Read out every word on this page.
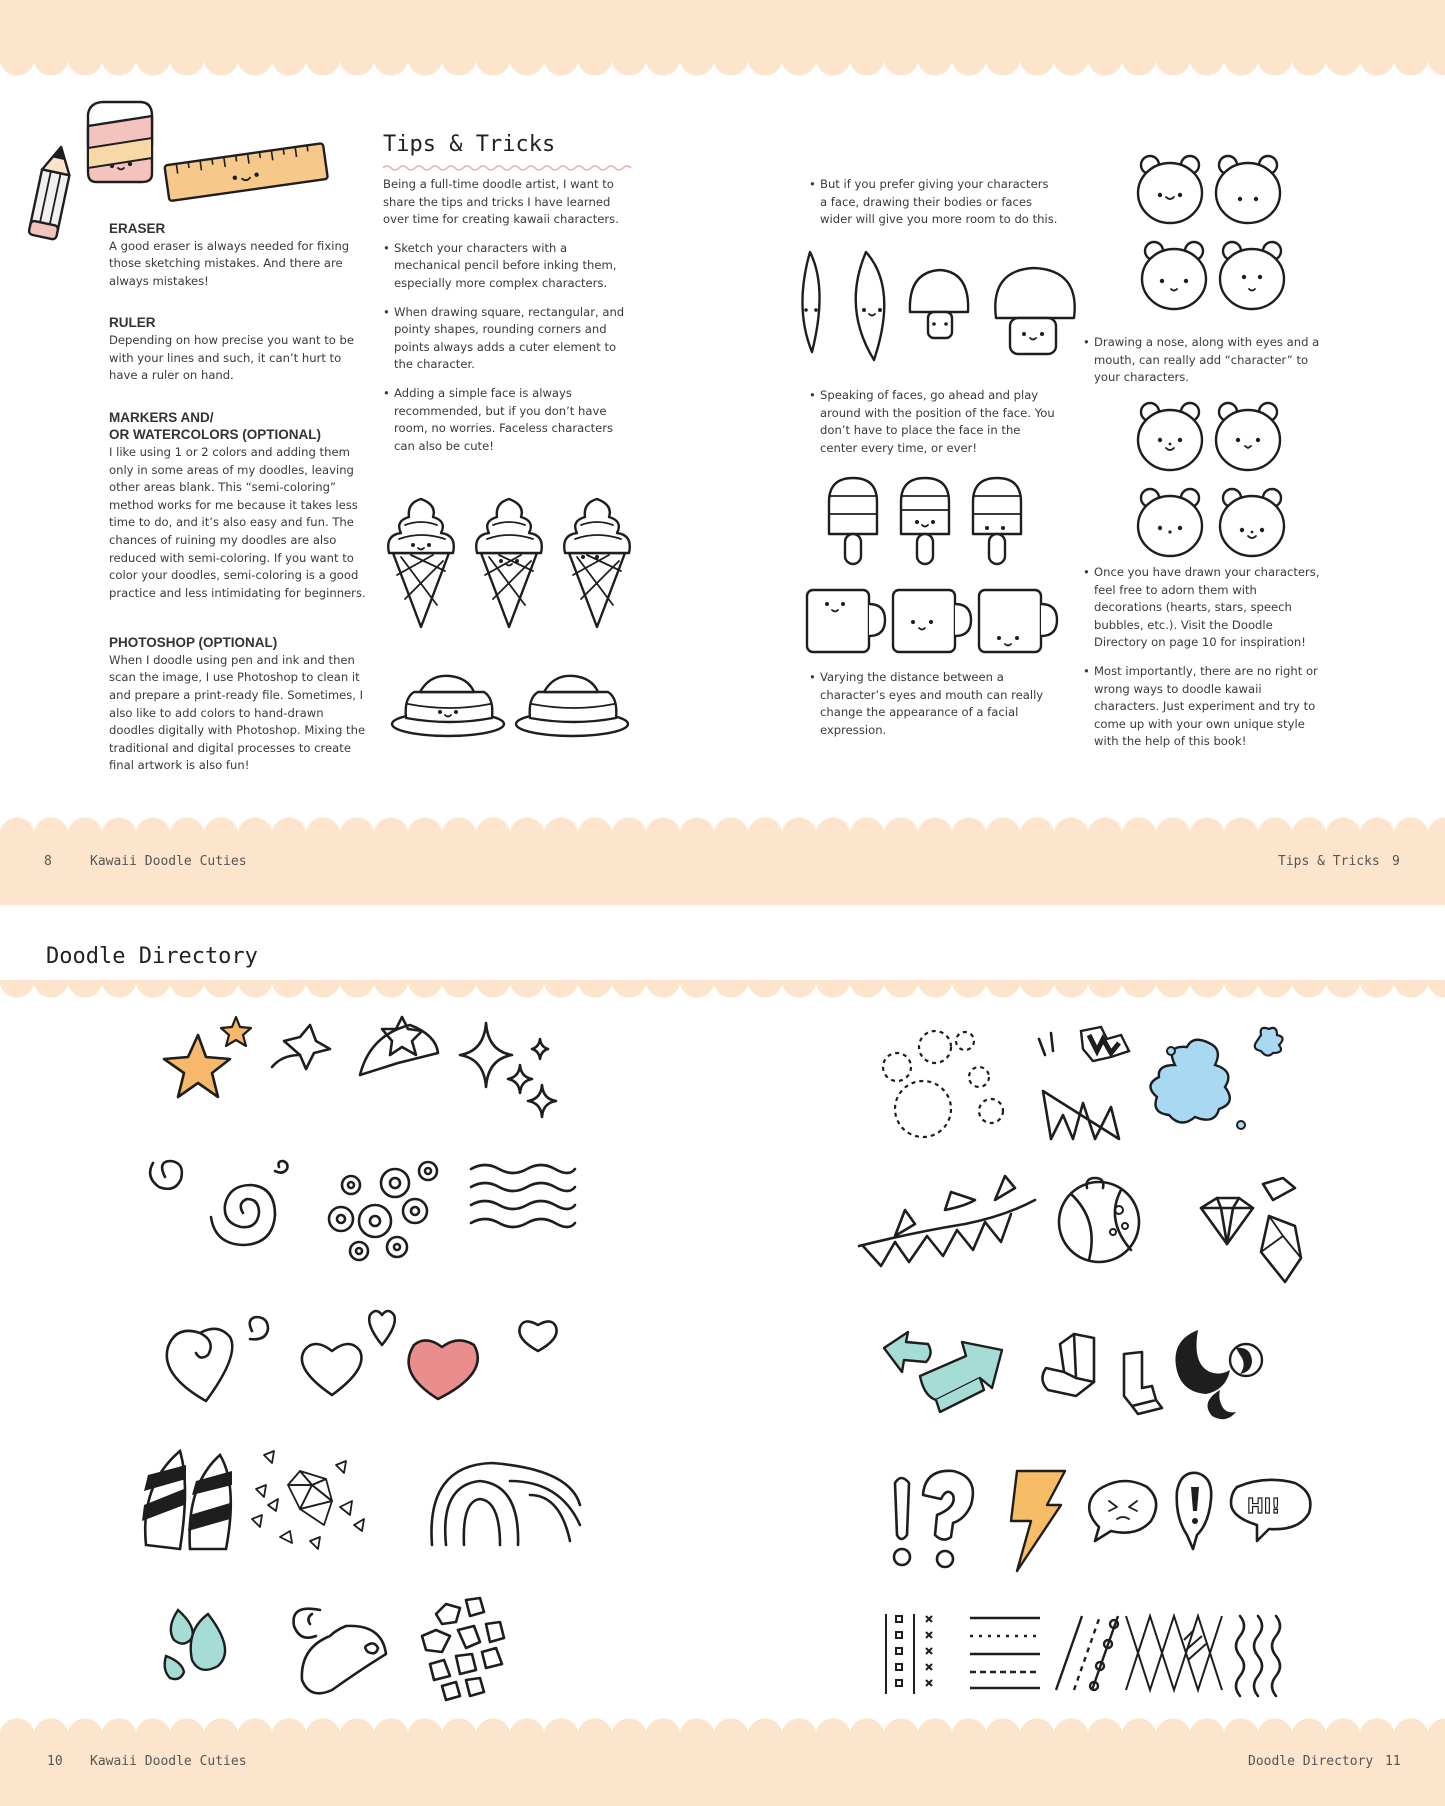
ERASER

A good eraser is always needed for fixing those sketching mistakes. And there are always mistakes!

RULER

Depending on how precise you want to be with your lines and such, it can’t hurt to have a ruler on hand.

MARKERS AND/
OR WATERCOLORS (OPTIONAL)

I like using 1 or 2 colors and adding them only in some areas of my doodles, leaving other areas blank. This “semi-coloring” method works for me because it takes less time to do, and it’s also easy and fun. The chances of ruining my doodles are also reduced with semi-coloring. If you want to color your doodles, semi-coloring is a good practice and less intimidating for beginners.

PHOTOSHOP (OPTIONAL)

When I doodle using pen and ink and then scan the image, I use Photoshop to clean it and prepare a print-ready file. Sometimes, I also like to add colors to hand-drawn doodles digitally with Photoshop. Mixing the traditional and digital processes to create final artwork is also fun!

Tips & Tricks

Being a full-time doodle artist, I want to share the tips and tricks I have learned over time for creating kawaii characters.

• Sketch your characters with a mechanical pencil before inking them, especially more complex characters.
• When drawing square, rectangular, and pointy shapes, rounding corners and points always adds a cuter element to the character.
• Adding a simple face is always recommended, but if you don’t have room, no worries. Faceless characters can also be cute!
• But if you prefer giving your characters a face, drawing their bodies or faces wider will give you more room to do this.
• Speaking of faces, go ahead and play around with the position of the face. You don’t have to place the face in the center every time, or ever!
• Varying the distance between a character’s eyes and mouth can really change the appearance of a facial expression.
• Drawing a nose, along with eyes and a mouth, can really add “character” to your characters.
• Once you have drawn your characters, feel free to adorn them with decorations (hearts, stars, speech bubbles, etc.). Visit the Doodle Directory on page 10 for inspiration!
• Most importantly, there are no right or wrong ways to doodle kawaii characters. Just experiment and try to come up with your own unique style with the help of this book!
8	Kawaii Doodle Cuties	Tips & Tricks 9
Doodle Directory
HI!
10 Kawaii Doodle Cuties	Doodle Directory 11
